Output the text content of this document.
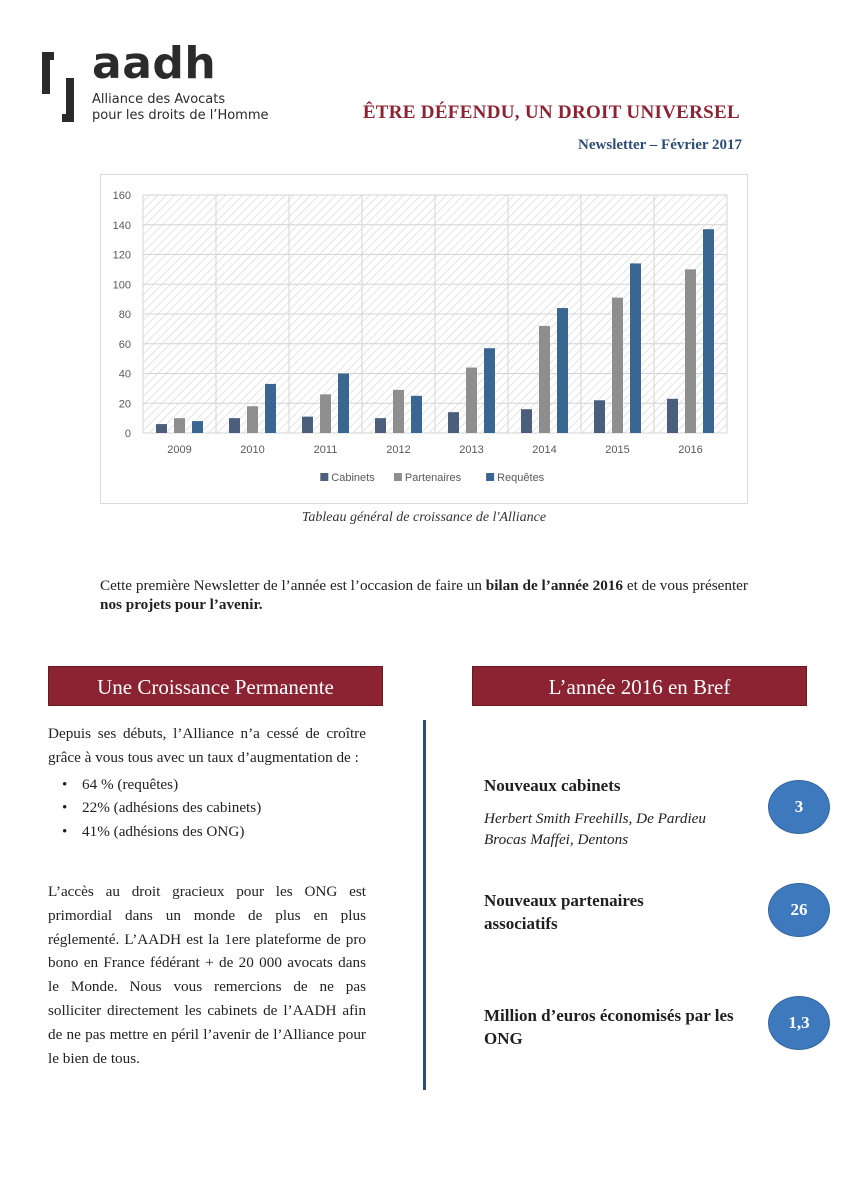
aadh
Alliance des Avocats
pour les droits de l’Homme	ÊTRE DÉFENDU, UN DROIT UNIVERSEL
Newsletter – Février 2017
0
20
40
60
80
100
120
140
160
2009	2010	2011	2012	2013	2014	2015	2016
Cabinets	Partenaires	Requêtes
Tableau général de croissance de l'Alliance
Cette première Newsletter de l’année est l’occasion de faire un bilan de l’année 2016 et de vous présenter nos projets pour l’avenir.
Une Croissance Permanente	L’année 2016 en Bref

Depuis ses débuts, l’Alliance n’a cessé de croître grâce à vous tous avec un taux d’augmentation de :

• 64 % (requêtes)
• 22% (adhésions des cabinets)
• 41% (adhésions des ONG)

L’accès au droit gracieux pour les ONG est primordial dans un monde de plus en plus réglementé. L’AADH est la 1ere plateforme de pro bono en France fédérant + de 20 000 avocats dans le Monde. Nous vous remercions de ne pas solliciter directement les cabinets de l’AADH afin de ne pas mettre en péril l’avenir de l’Alliance pour le bien de tous.

Nouveaux cabinets
Herbert Smith Freehills, De Pardieu Brocas Maffei, Dentons
3
Nouveaux partenaires associatifs
26
Million d’euros économisés par les ONG
1,3
